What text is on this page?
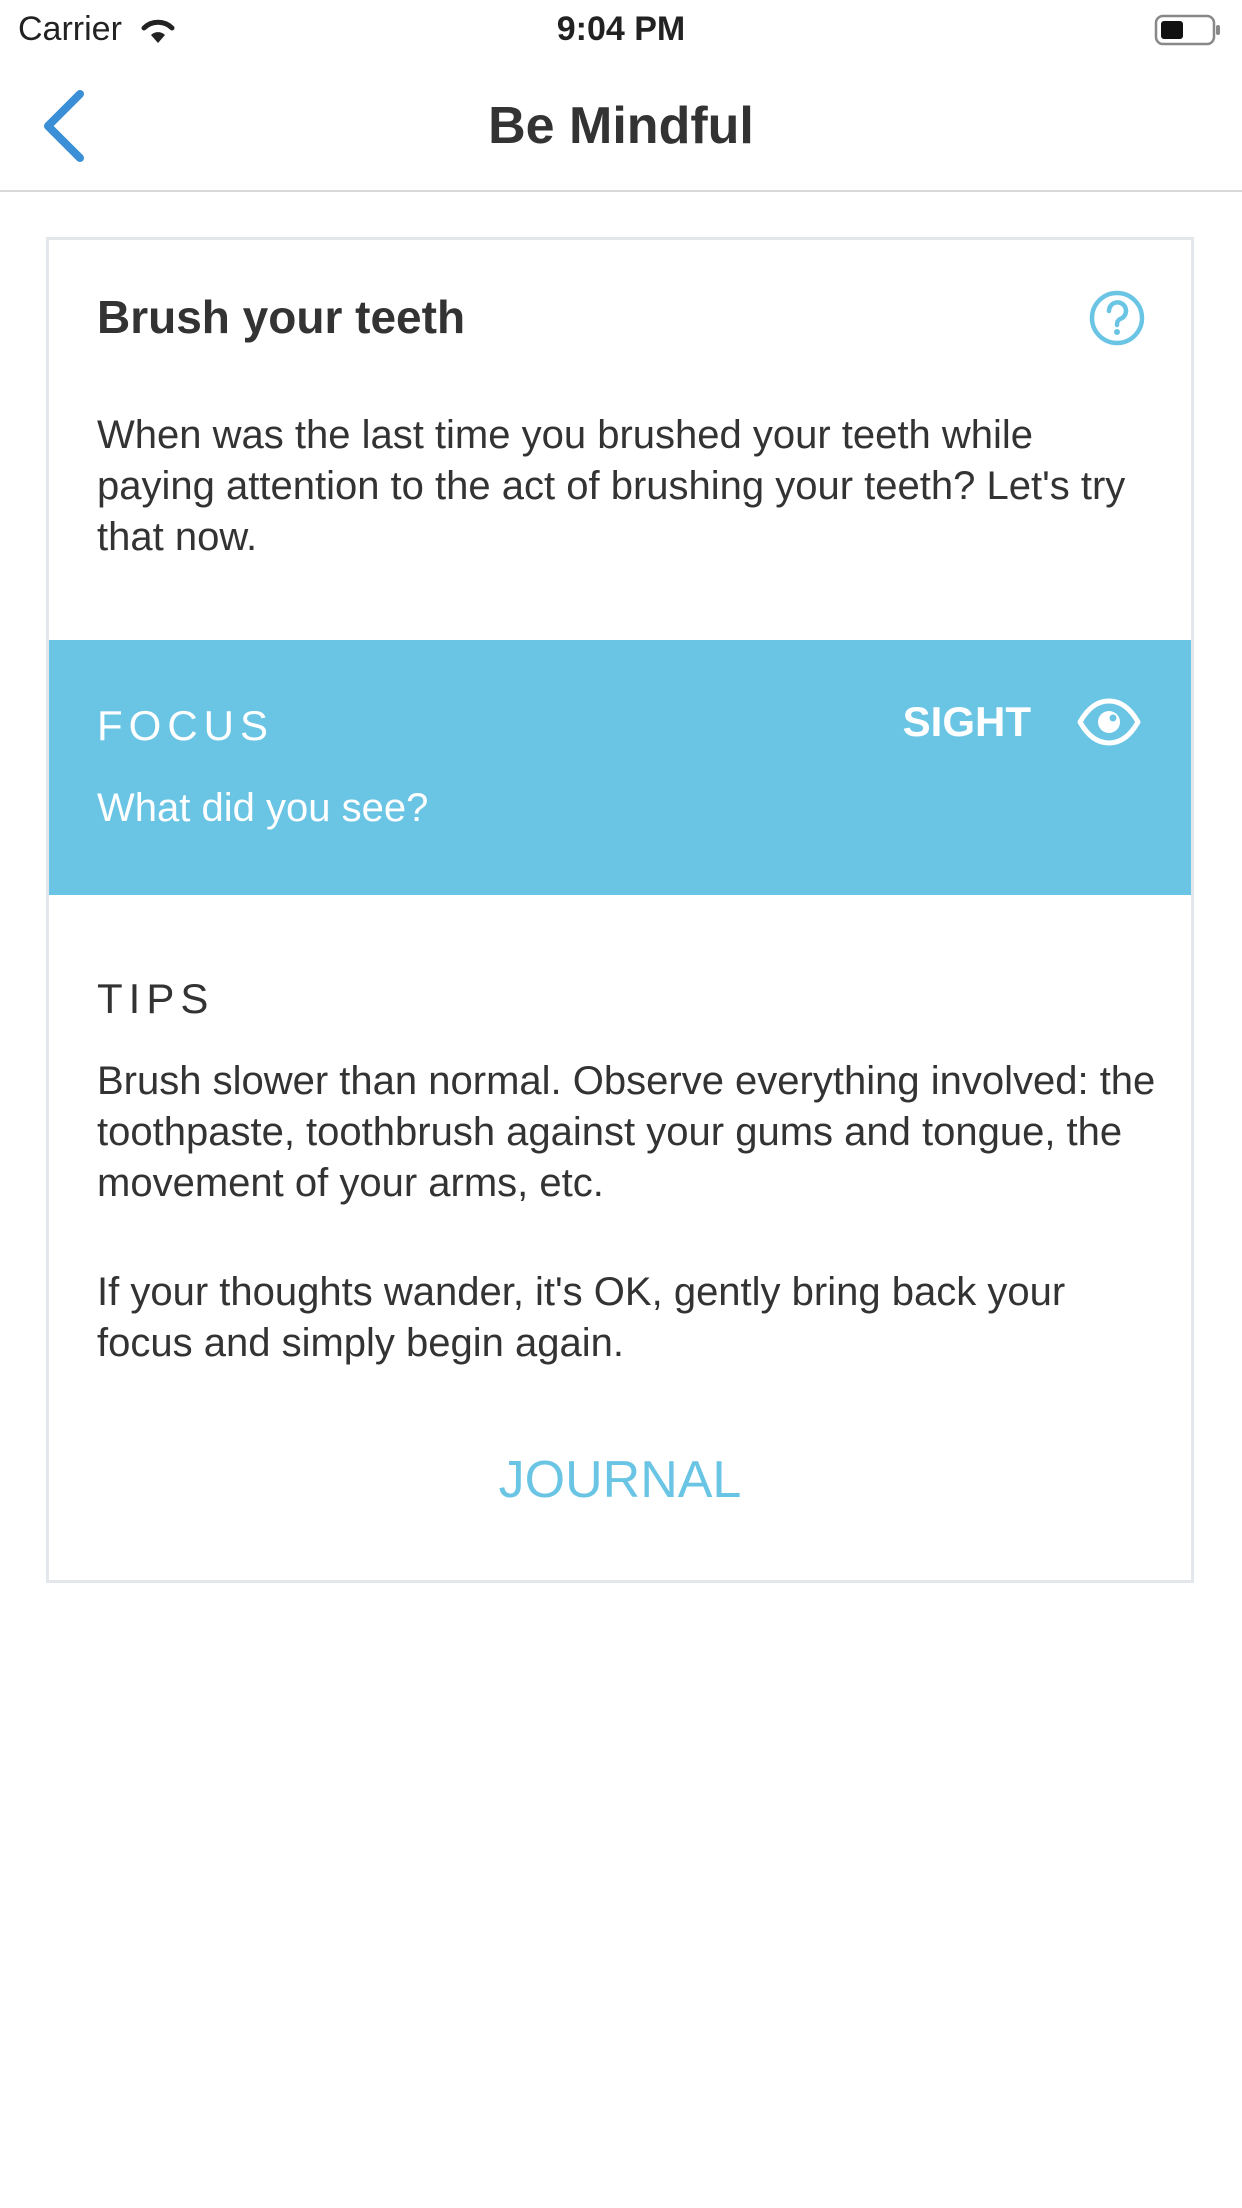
Carrier	9:04 PM
Be Mindful
Brush your teeth
When was the last time you brushed your teeth while paying attention to the act of brushing your teeth? Let's try that now.
FOCUS	SIGHT
What did you see?
TIPS
Brush slower than normal. Observe everything involved: the toothpaste, toothbrush against your gums and tongue, the movement of your arms, etc.
If your thoughts wander, it's OK, gently bring back your focus and simply begin again.
JOURNAL
